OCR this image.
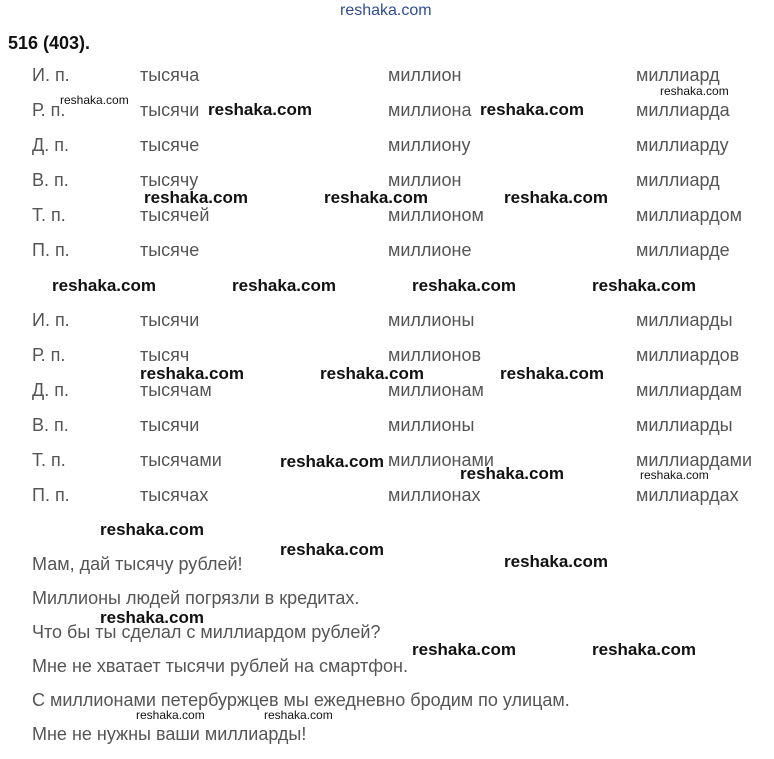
reshaka.com
516 (403).
И. п.	тысяча	миллион	миллиард
Р. п.	тысячи	миллиона	миллиарда
Д. п.	тысяче	миллиону	миллиарду
В. п.	тысячу	миллион	миллиард
Т. п.	тысячей	миллионом	миллиардом
П. п.	тысяче	миллионе	миллиарде
И. п.	тысячи	миллионы	миллиарды
Р. п.	тысяч	миллионов	миллиардов
Д. п.	тысячам	миллионам	миллиардам
В. п.	тысячи	миллионы	миллиарды
Т. п.	тысячами	миллионами	миллиардами
П. п.	тысячах	миллионах	миллиардах
Мам, дай тысячу рублей!
Миллионы людей погрязли в кредитах.
Что бы ты сделал с миллиардом рублей?
Мне не хватает тысячи рублей на смартфон.
С миллионами петербуржцев мы ежедневно бродим по улицам.
Мне не нужны ваши миллиарды!
reshaka.com	reshaka.com	reshaka.com
reshaka.com
reshaka.com	reshaka.com	reshaka.com
reshaka.com	reshaka.com	reshaka.com	reshaka.com
reshaka.com	reshaka.com	reshaka.com
reshaka.com
reshaka.com	reshaka.com
reshaka.com
reshaka.com
reshaka.com
reshaka.com
reshaka.com	reshaka.com
reshaka.com	reshaka.com
